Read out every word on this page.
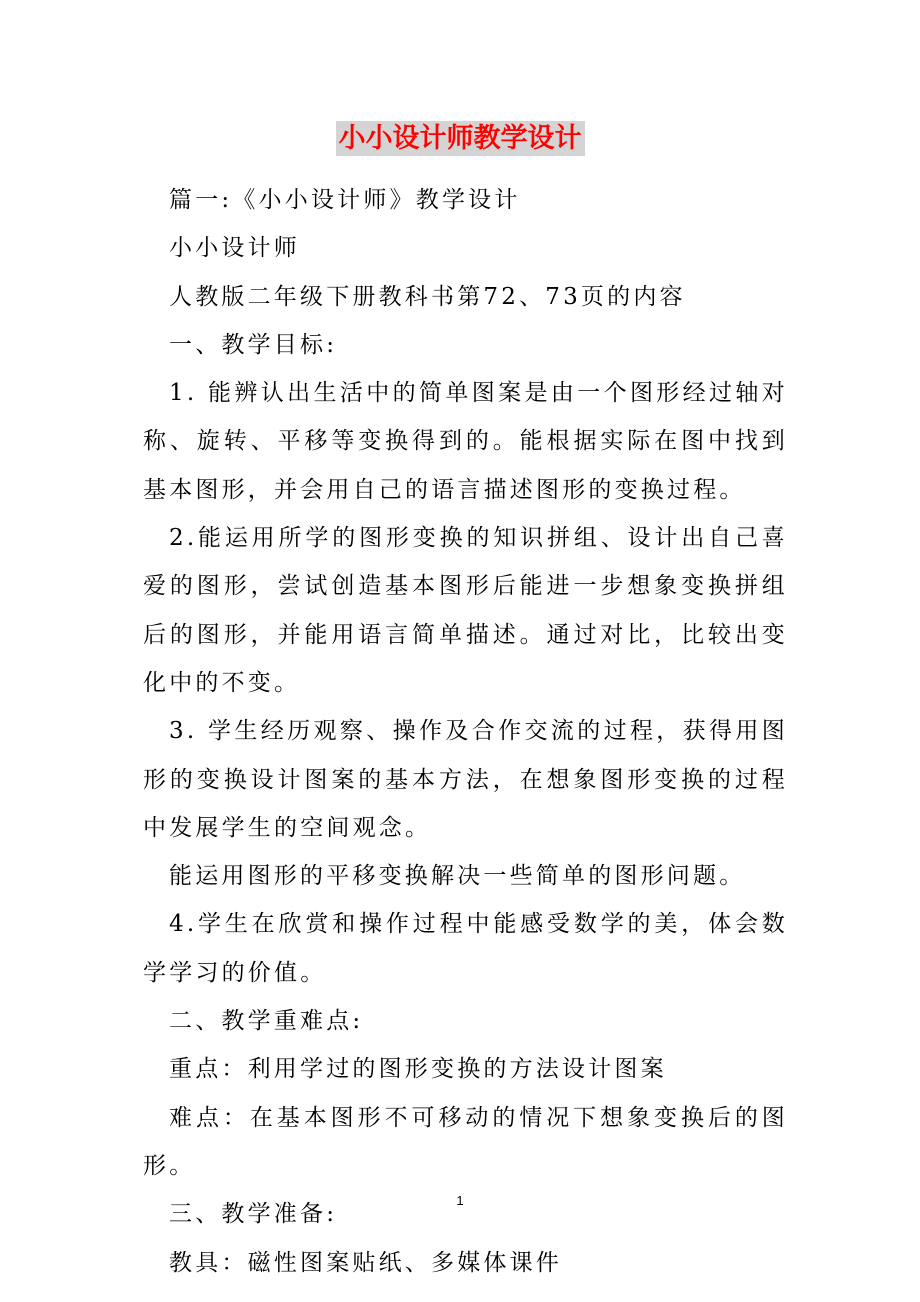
小小设计师教学设计

篇一:《小小设计师》教学设计

小小设计师

人教版二年级下册教科书第72、73页的内容

一、教学目标:

1. 能辨认出生活中的简单图案是由一个图形经过轴对称、旋转、平移等变换得到的。能根据实际在图中找到基本图形，并会用自己的语言描述图形的变换过程。

2.能运用所学的图形变换的知识拼组、设计出自己喜爱的图形，尝试创造基本图形后能进一步想象变换拼组后的图形，并能用语言简单描述。通过对比，比较出变化中的不变。

3. 学生经历观察、操作及合作交流的过程，获得用图形的变换设计图案的基本方法，在想象图形变换的过程中发展学生的空间观念。

能运用图形的平移变换解决一些简单的图形问题。

4.学生在欣赏和操作过程中能感受数学的美，体会数学学习的价值。

二、教学重难点:

重点：利用学过的图形变换的方法设计图案

难点：在基本图形不可移动的情况下想象变换后的图形。

三、教学准备:

教具：磁性图案贴纸、多媒体课件

1
